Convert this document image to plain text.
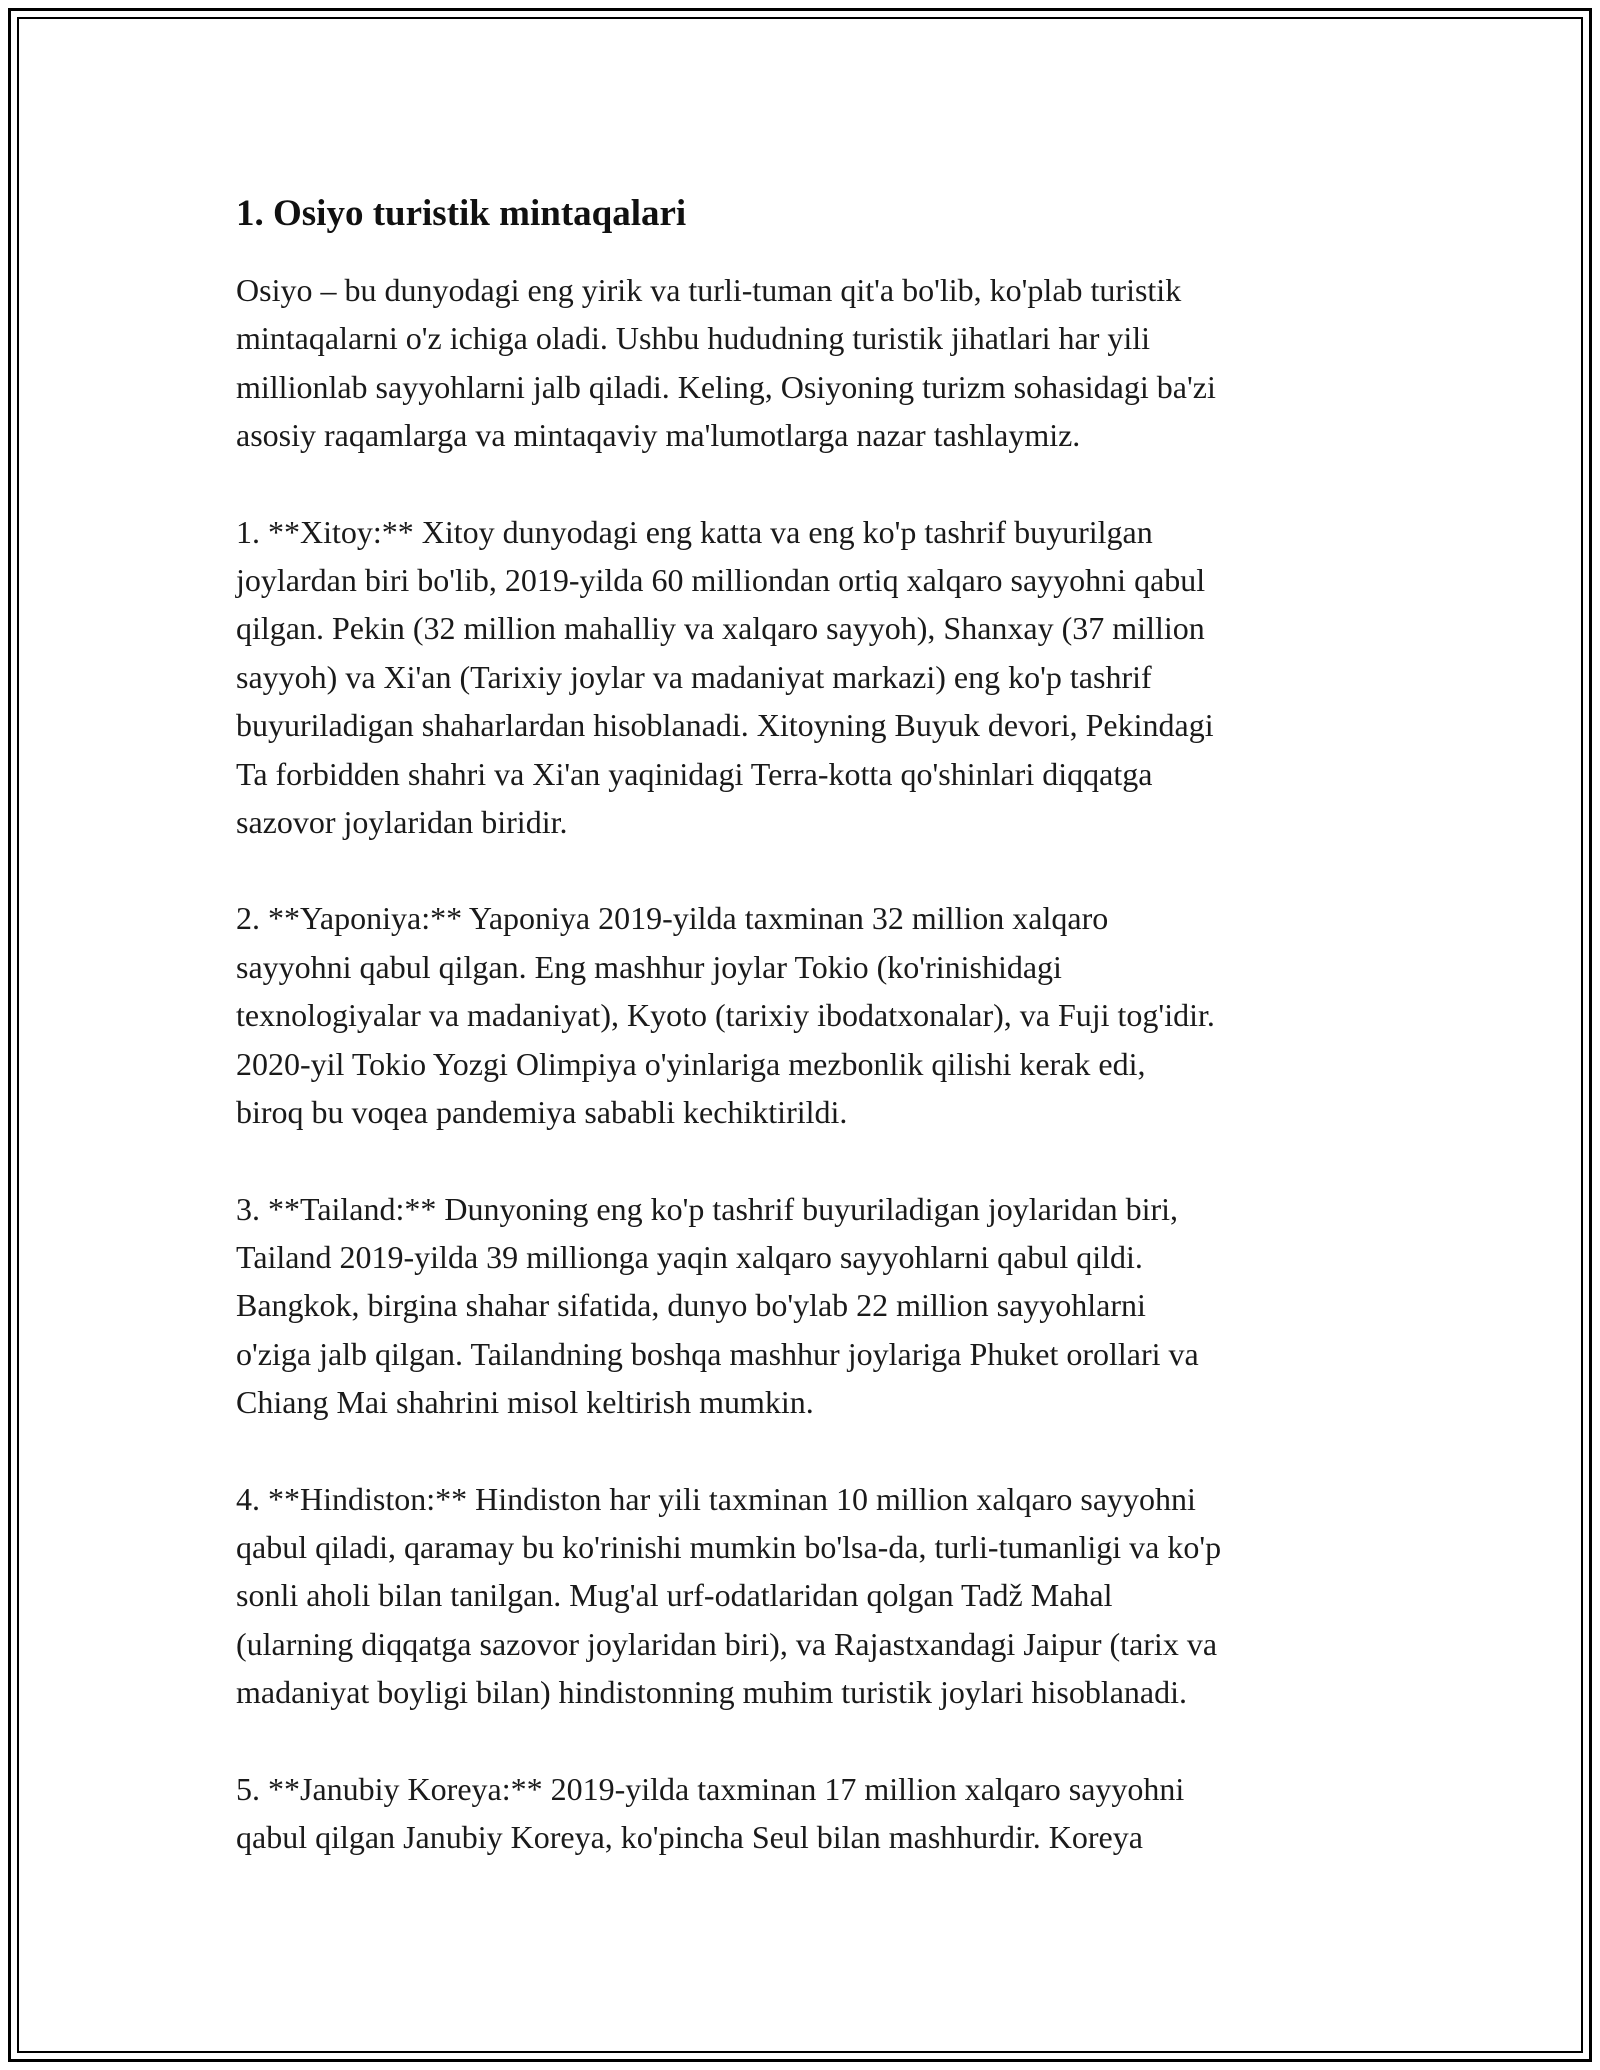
1. Osiyo turistik mintaqalari

Osiyo – bu dunyodagi eng yirik va turli-tuman qit'a bo'lib, ko'plab turistik
mintaqalarni o'z ichiga oladi. Ushbu hududning turistik jihatlari har yili
millionlab sayyohlarni jalb qiladi. Keling, Osiyoning turizm sohasidagi ba'zi
asosiy raqamlarga va mintaqaviy ma'lumotlarga nazar tashlaymiz.

1. **Xitoy:** Xitoy dunyodagi eng katta va eng ko'p tashrif buyurilgan
joylardan biri bo'lib, 2019-yilda 60 milliondan ortiq xalqaro sayyohni qabul
qilgan. Pekin (32 million mahalliy va xalqaro sayyoh), Shanxay (37 million
sayyoh) va Xi'an (Tarixiy joylar va madaniyat markazi) eng ko'p tashrif
buyuriladigan shaharlardan hisoblanadi. Xitoyning Buyuk devori, Pekindagi
Ta forbidden shahri va Xi'an yaqinidagi Terra-kotta qo'shinlari diqqatga
sazovor joylaridan biridir.

2. **Yaponiya:** Yaponiya 2019-yilda taxminan 32 million xalqaro
sayyohni qabul qilgan. Eng mashhur joylar Tokio (ko'rinishidagi
texnologiyalar va madaniyat), Kyoto (tarixiy ibodatxonalar), va Fuji tog'idir.
2020-yil Tokio Yozgi Olimpiya o'yinlariga mezbonlik qilishi kerak edi,
biroq bu voqea pandemiya sababli kechiktirildi.

3. **Tailand:** Dunyoning eng ko'p tashrif buyuriladigan joylaridan biri,
Tailand 2019-yilda 39 millionga yaqin xalqaro sayyohlarni qabul qildi.
Bangkok, birgina shahar sifatida, dunyo bo'ylab 22 million sayyohlarni
o'ziga jalb qilgan. Tailandning boshqa mashhur joylariga Phuket orollari va
Chiang Mai shahrini misol keltirish mumkin.

4. **Hindiston:** Hindiston har yili taxminan 10 million xalqaro sayyohni
qabul qiladi, qaramay bu ko'rinishi mumkin bo'lsa-da, turli-tumanligi va ko'p
sonli aholi bilan tanilgan. Mug'al urf-odatlaridan qolgan Tadž Mahal
(ularning diqqatga sazovor joylaridan biri), va Rajastxandagi Jaipur (tarix va
madaniyat boyligi bilan) hindistonning muhim turistik joylari hisoblanadi.

5. **Janubiy Koreya:** 2019-yilda taxminan 17 million xalqaro sayyohni
qabul qilgan Janubiy Koreya, ko'pincha Seul bilan mashhurdir. Koreya
